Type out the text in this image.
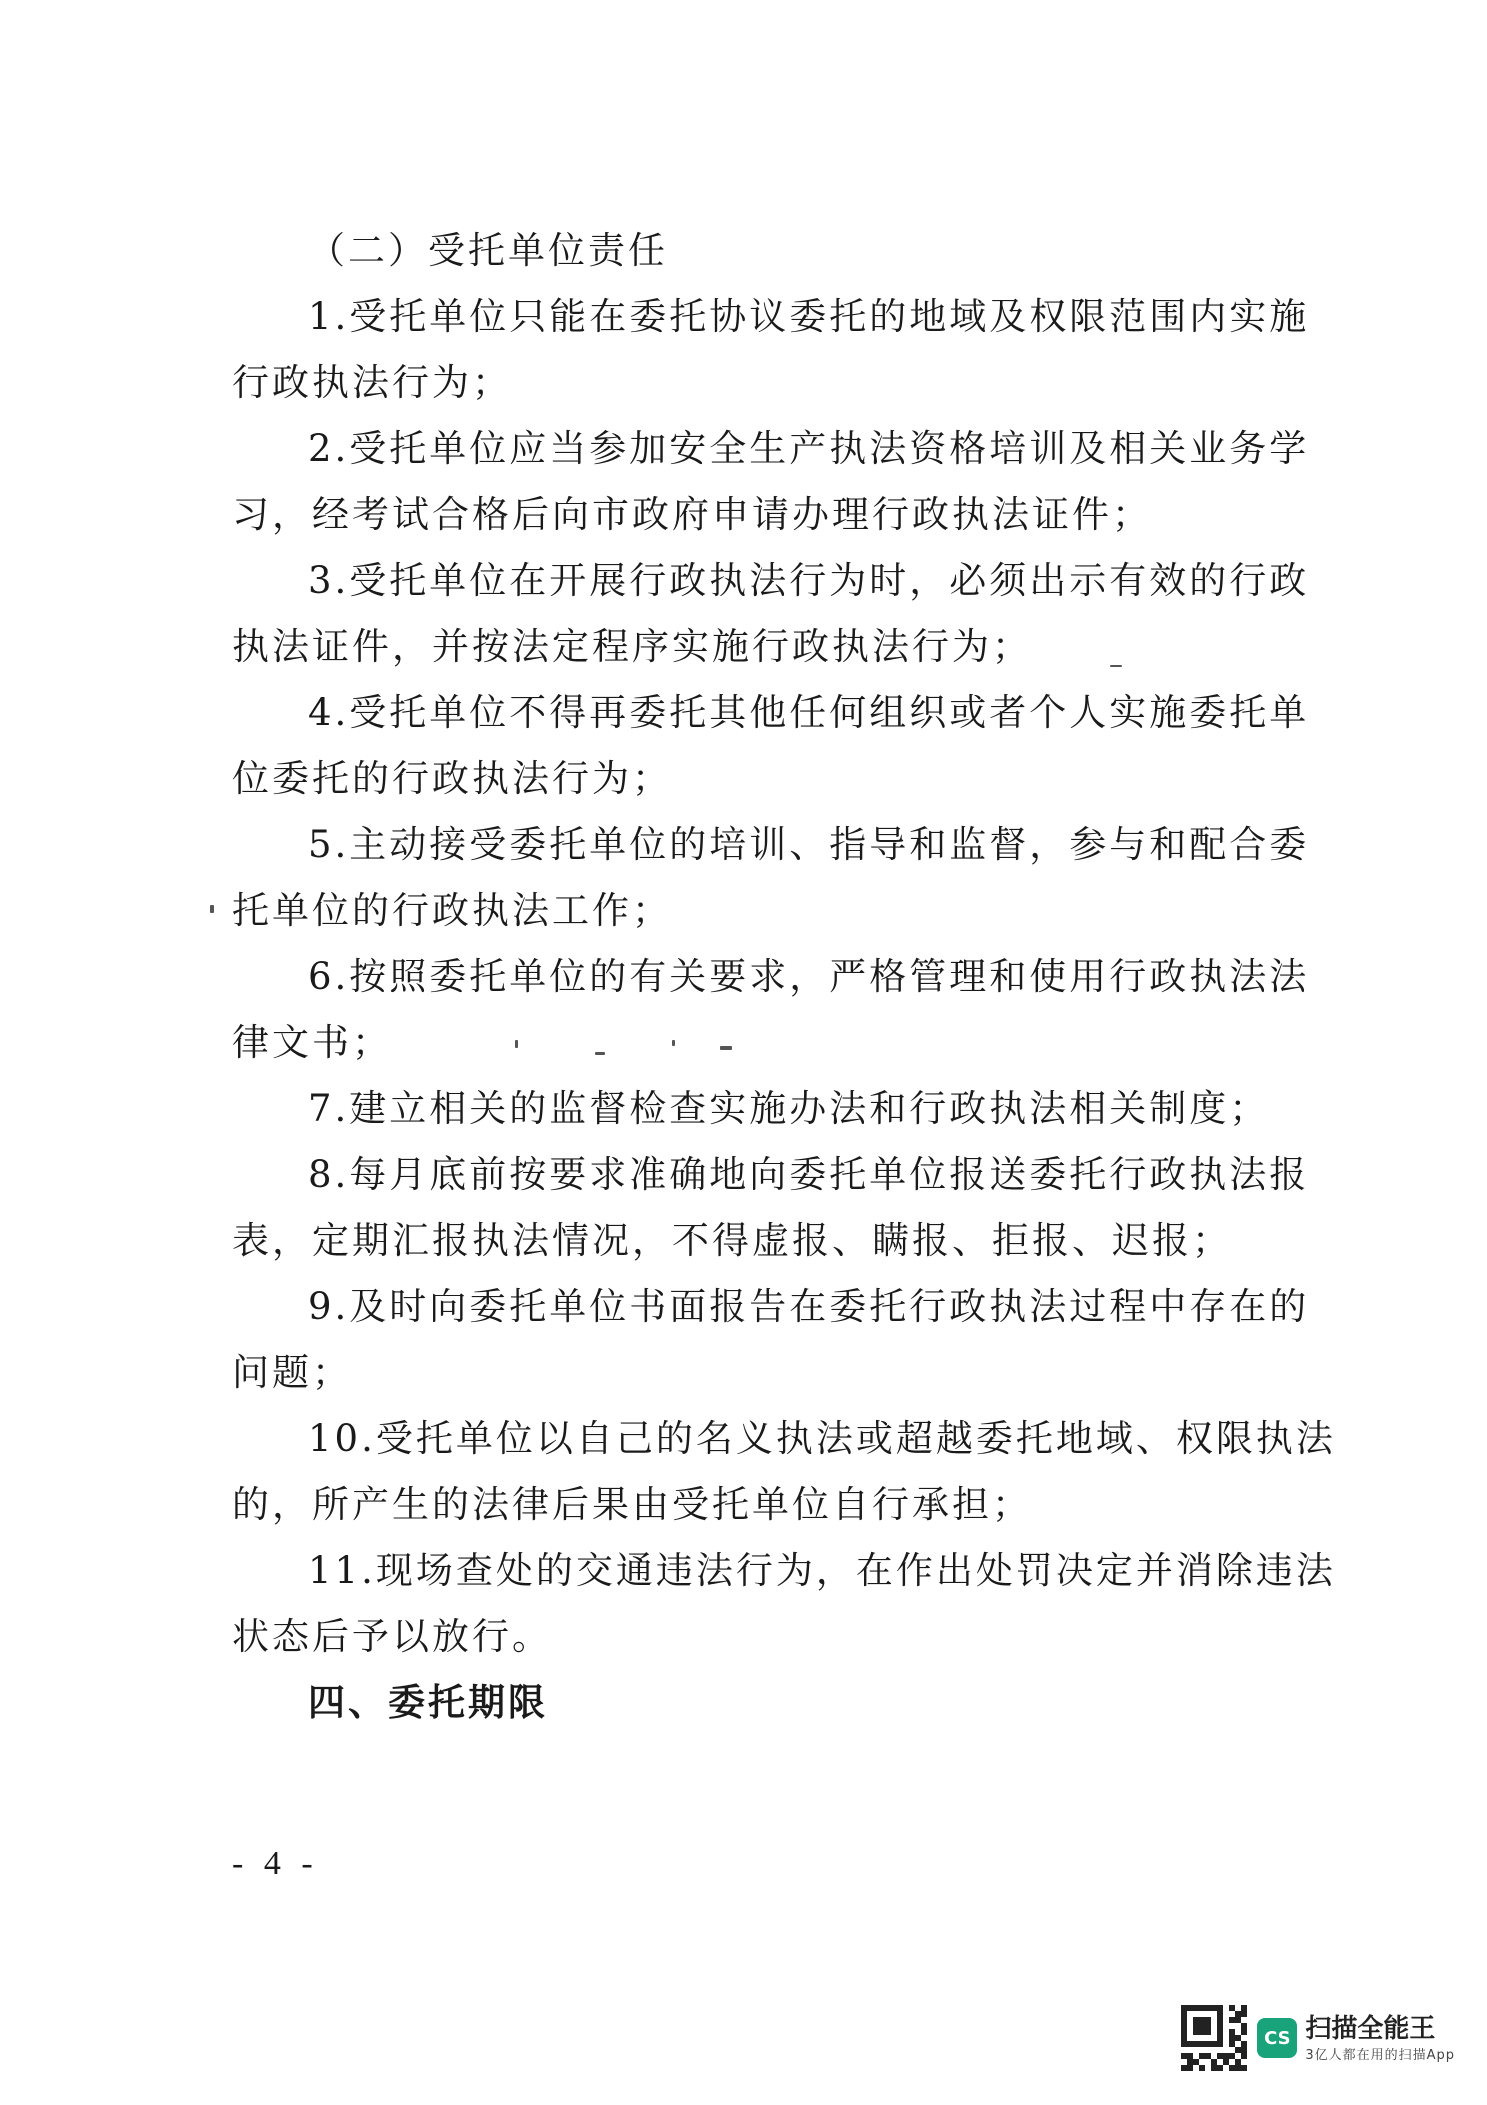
（二）受托单位责任
1.受托单位只能在委托协议委托的地域及权限范围内实施
行政执法行为；
2.受托单位应当参加安全生产执法资格培训及相关业务学
习，经考试合格后向市政府申请办理行政执法证件；
3.受托单位在开展行政执法行为时，必须出示有效的行政
执法证件，并按法定程序实施行政执法行为；
4.受托单位不得再委托其他任何组织或者个人实施委托单
位委托的行政执法行为；
5.主动接受委托单位的培训、指导和监督，参与和配合委
托单位的行政执法工作；
6.按照委托单位的有关要求，严格管理和使用行政执法法
律文书；
7.建立相关的监督检查实施办法和行政执法相关制度；
8.每月底前按要求准确地向委托单位报送委托行政执法报
表，定期汇报执法情况，不得虚报、瞒报、拒报、迟报；
9.及时向委托单位书面报告在委托行政执法过程中存在的
问题；
10.受托单位以自己的名义执法或超越委托地域、权限执法
的，所产生的法律后果由受托单位自行承担；
11.现场查处的交通违法行为，在作出处罚决定并消除违法
状态后予以放行。
四、委托期限
- 4 -
CS 扫描全能王
3亿人都在用的扫描App
